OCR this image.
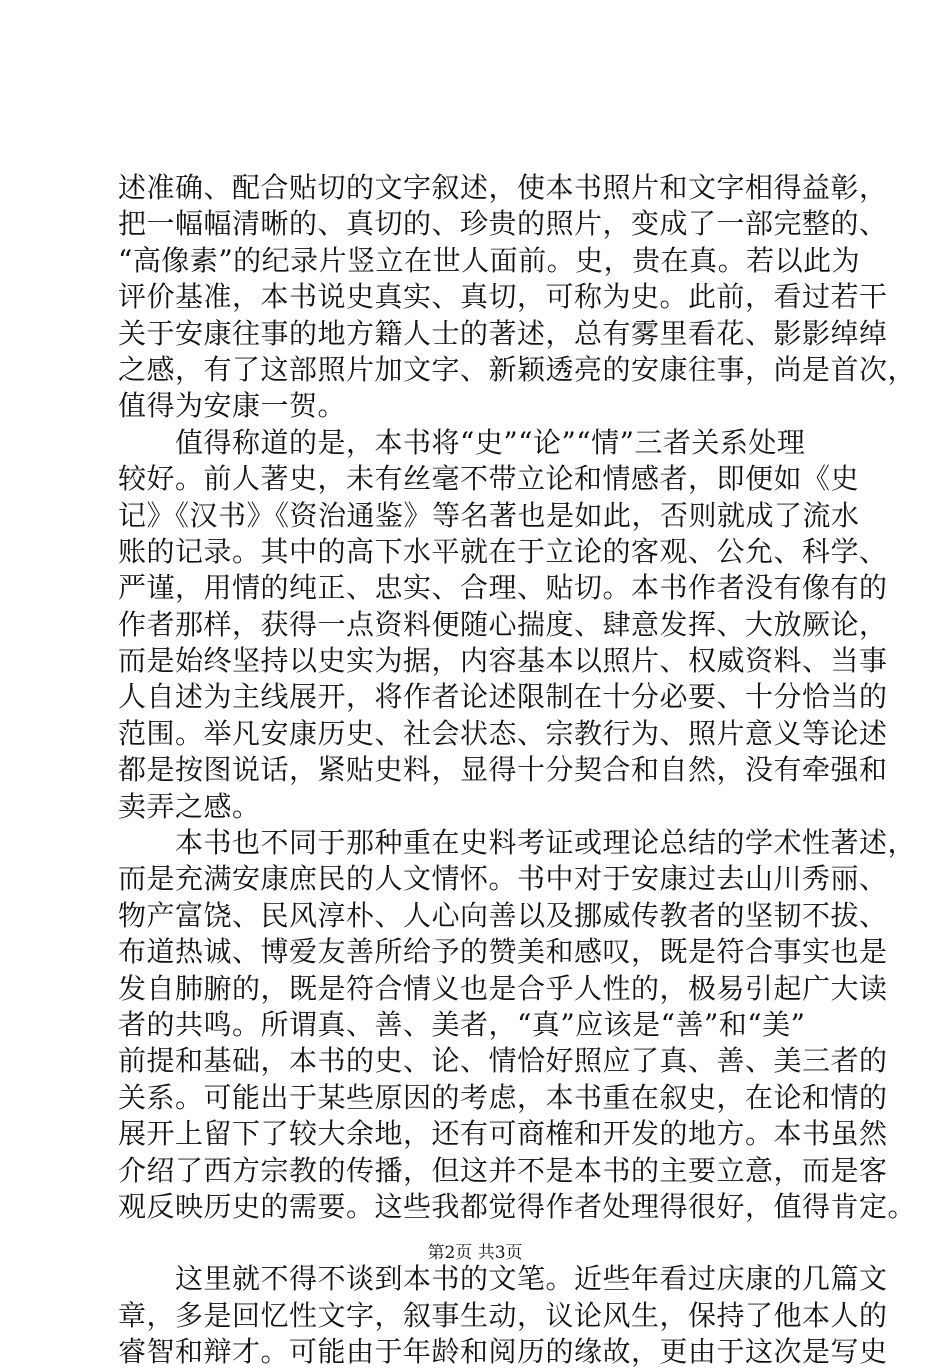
述准确、配合贴切的文字叙述，使本书照片和文字相得益彰，
把一幅幅清晰的、真切的、珍贵的照片，变成了一部完整的、
“高像素”的纪录片竖立在世人面前。史，贵在真。若以此为
评价基准，本书说史真实、真切，可称为史。此前，看过若干
关于安康往事的地方籍人士的著述，总有雾里看花、影影绰绰
之感，有了这部照片加文字、新颖透亮的安康往事，尚是首次，
值得为安康一贺。
　　值得称道的是，本书将“史”“论”“情”三者关系处理
较好。前人著史，未有丝毫不带立论和情感者，即便如《史
记》《汉书》《资治通鉴》等名著也是如此，否则就成了流水
账的记录。其中的高下水平就在于立论的客观、公允、科学、
严谨，用情的纯正、忠实、合理、贴切。本书作者没有像有的
作者那样，获得一点资料便随心揣度、肆意发挥、大放厥论，
而是始终坚持以史实为据，内容基本以照片、权威资料、当事
人自述为主线展开，将作者论述限制在十分必要、十分恰当的
范围。举凡安康历史、社会状态、宗教行为、照片意义等论述
都是按图说话，紧贴史料，显得十分契合和自然，没有牵强和
卖弄之感。
　　本书也不同于那种重在史料考证或理论总结的学术性著述，
而是充满安康庶民的人文情怀。书中对于安康过去山川秀丽、
物产富饶、民风淳朴、人心向善以及挪威传教者的坚韧不拔、
布道热诚、博爱友善所给予的赞美和感叹，既是符合事实也是
发自肺腑的，既是符合情义也是合乎人性的，极易引起广大读
者的共鸣。所谓真、善、美者，“真”应该是“善”和“美”
前提和基础，本书的史、论、情恰好照应了真、善、美三者的
关系。可能出于某些原因的考虑，本书重在叙史，在论和情的
展开上留下了较大余地，还有可商榷和开发的地方。本书虽然
介绍了西方宗教的传播，但这并不是本书的主要立意，而是客
观反映历史的需要。这些我都觉得作者处理得很好，值得肯定。
　　这里就不得不谈到本书的文笔。近些年看过庆康的几篇文
章，多是回忆性文字，叙事生动，议论风生，保持了他本人的
睿智和辩才。可能由于年龄和阅历的缘故，更由于这次是写史
第2页 共3页
